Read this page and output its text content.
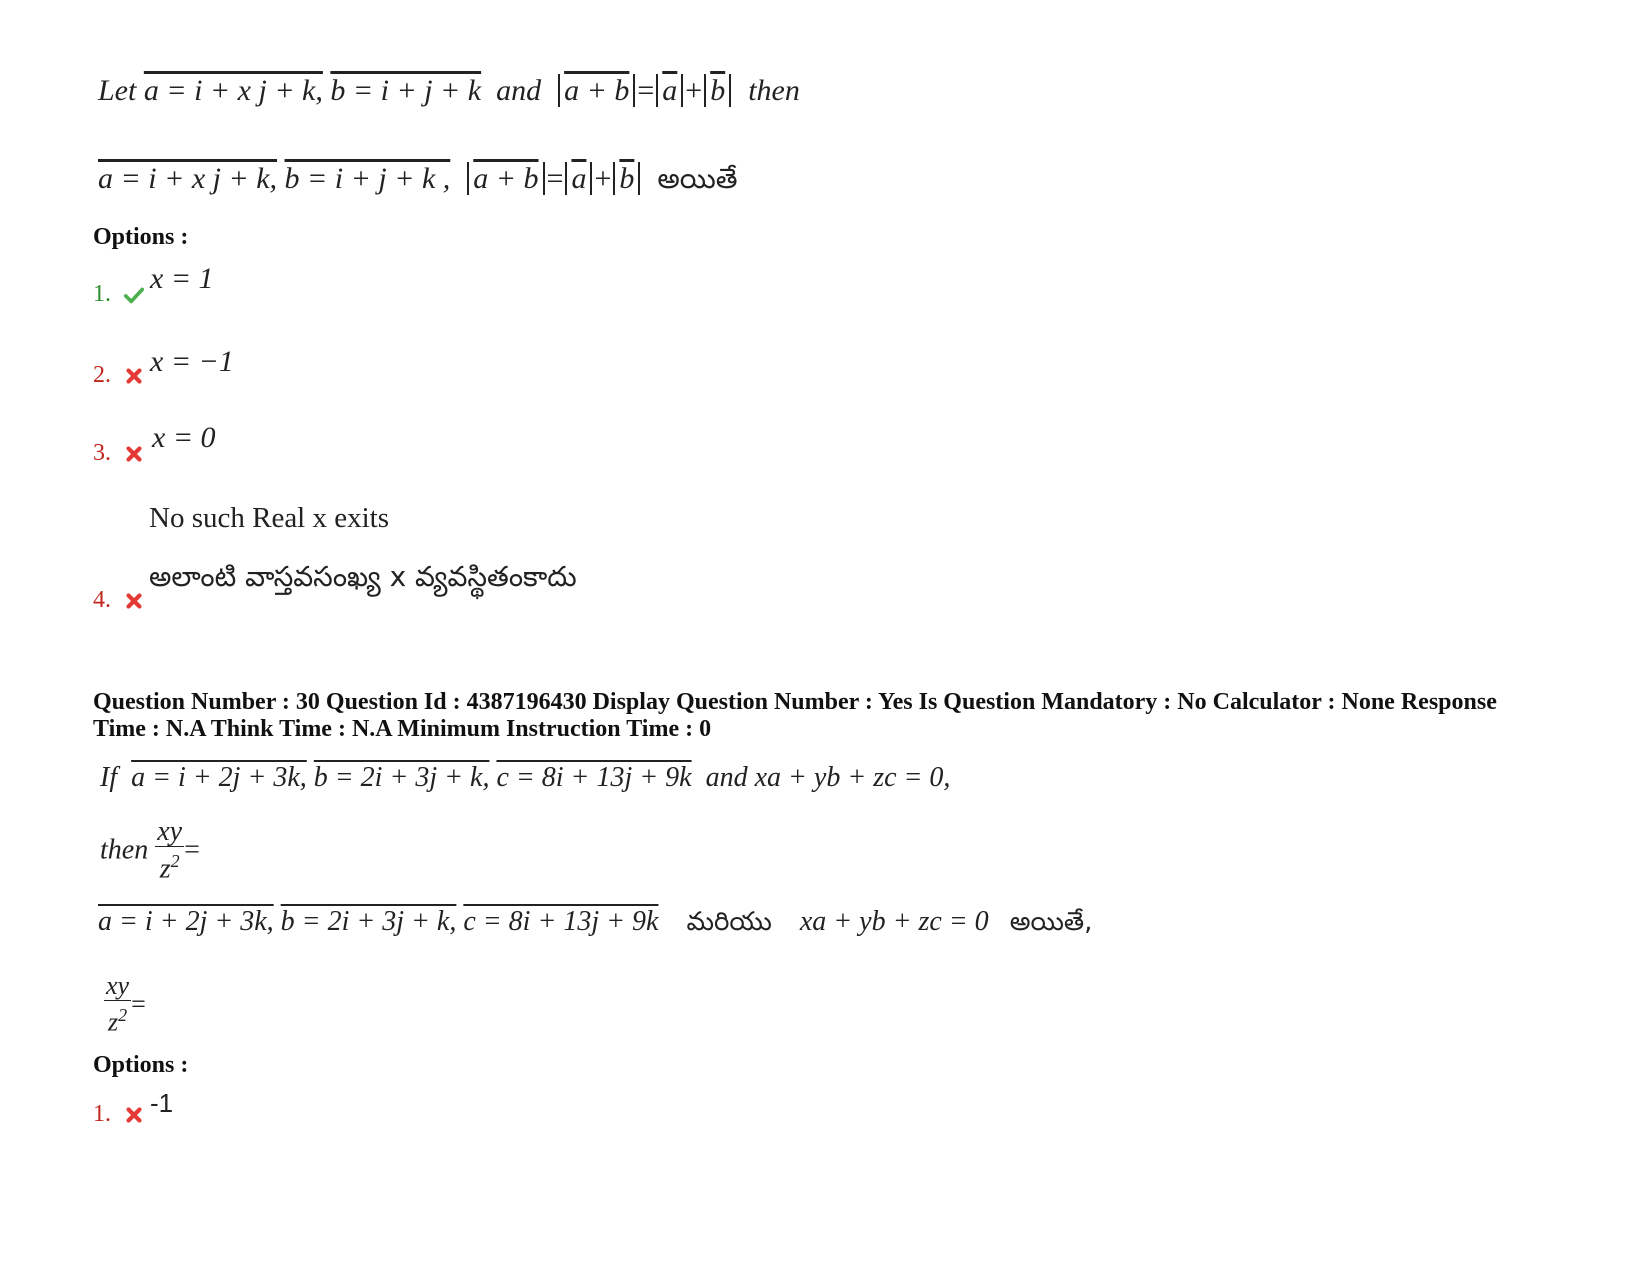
Let a = i + x j + k, b = i + j + k and $a + b = \overline{a} + \overline{b}$ then
a = i + x j + k, b = i + j + k , $a + b = \overline{a} + \overline{b}$ అయితే
Options :
1.	x = 1
2.	x = −1
3.	x = 0
No such Real x exits
అలాంటి వాస్తవసంఖ్య x వ్యవస్థితంకాదు
4.
Question Number : 30 Question Id : 4387196430 Display Question Number : Yes Is Question Mandatory : No Calculator : None Response
Time : N.A Think Time : N.A Minimum Instruction Time : 0
If a = i + 2j + 3k, b = 2i + 3j + k, c = 8i + 13j + 9k and xa + yb + zc = 0,
then $\frac{xy}{z^2}$ =
a = i + 2j + 3k, b = 2i + 3j + k, c = 8i + 13j + 9k మరియు xa + yb + zc = 0 అయితే,
$\frac{xy}{z^2}$ =
Options :
1.	-1
